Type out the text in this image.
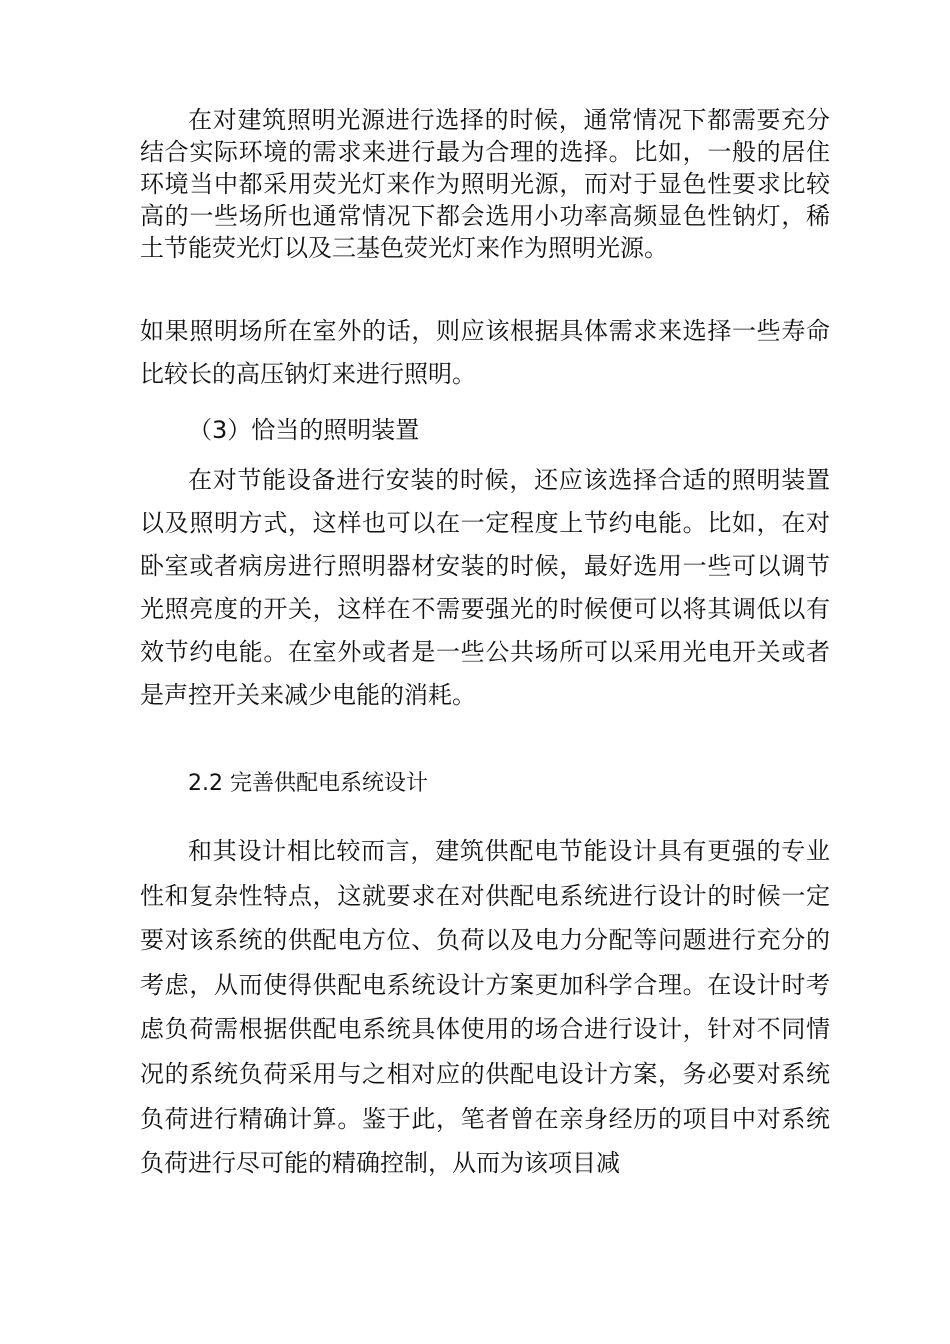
在对建筑照明光源进行选择的时候，通常情况下都需要充分结合实际环境的需求来进行最为合理的选择。比如，一般的居住环境当中都采用荧光灯来作为照明光源，而对于显色性要求比较高的一些场所也通常情况下都会选用小功率高频显色性钠灯，稀土节能荧光灯以及三基色荧光灯来作为照明光源。

如果照明场所在室外的话，则应该根据具体需求来选择一些寿命比较长的高压钠灯来进行照明。

（3）恰当的照明装置

在对节能设备进行安装的时候，还应该选择合适的照明装置以及照明方式，这样也可以在一定程度上节约电能。比如，在对卧室或者病房进行照明器材安装的时候，最好选用一些可以调节光照亮度的开关，这样在不需要强光的时候便可以将其调低以有效节约电能。在室外或者是一些公共场所可以采用光电开关或者是声控开关来减少电能的消耗。

2.2 完善供配电系统设计

和其设计相比较而言，建筑供配电节能设计具有更强的专业性和复杂性特点，这就要求在对供配电系统进行设计的时候一定要对该系统的供配电方位、负荷以及电力分配等问题进行充分的考虑，从而使得供配电系统设计方案更加科学合理。在设计时考虑负荷需根据供配电系统具体使用的场合进行设计，针对不同情况的系统负荷采用与之相对应的供配电设计方案，务必要对系统负荷进行精确计算。鉴于此，笔者曾在亲身经历的项目中对系统负荷进行尽可能的精确控制，从而为该项目减
